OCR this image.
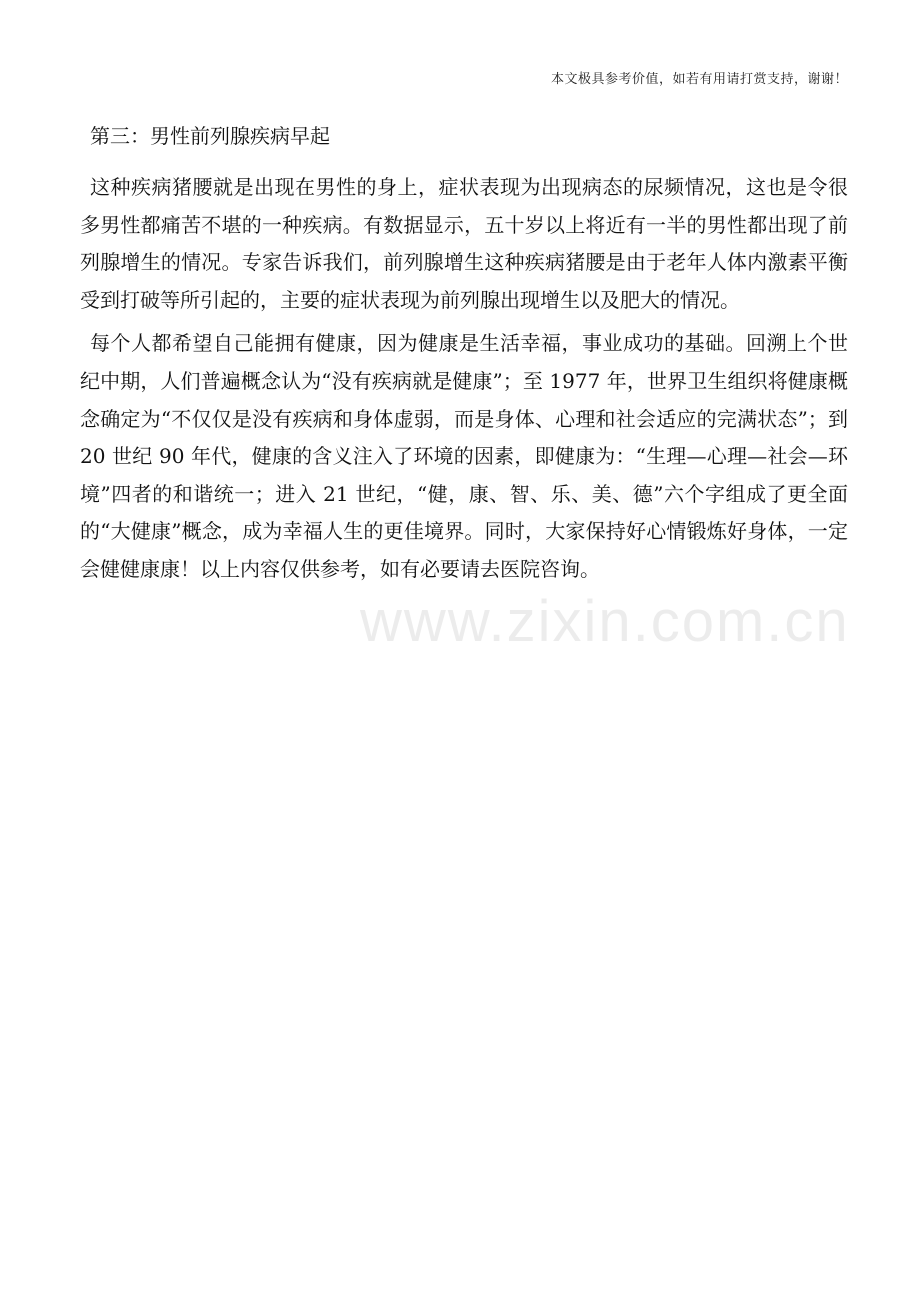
本文极具参考价值，如若有用请打赏支持，谢谢！
第三：男性前列腺疾病早起

这种疾病猪腰就是出现在男性的身上，症状表现为出现病态的尿频情况，这也是令很多男性都痛苦不堪的一种疾病。有数据显示，五十岁以上将近有一半的男性都出现了前列腺增生的情况。专家告诉我们，前列腺增生这种疾病猪腰是由于老年人体内激素平衡受到打破等所引起的，主要的症状表现为前列腺出现增生以及肥大的情况。

每个人都希望自己能拥有健康，因为健康是生活幸福，事业成功的基础。回溯上个世纪中期，人们普遍概念认为“没有疾病就是健康”；至 1977 年，世界卫生组织将健康概念确定为“不仅仅是没有疾病和身体虚弱，而是身体、心理和社会适应的完满状态”；到 20 世纪 90 年代，健康的含义注入了环境的因素，即健康为：“生理—心理—社会—环境”四者的和谐统一；进入 21 世纪，“健，康、智、乐、美、德”六个字组成了更全面的“大健康”概念，成为幸福人生的更佳境界。同时，大家保持好心情锻炼好身体，一定会健健康康！以上内容仅供参考，如有必要请去医院咨询。

www.zixin.com.cn
